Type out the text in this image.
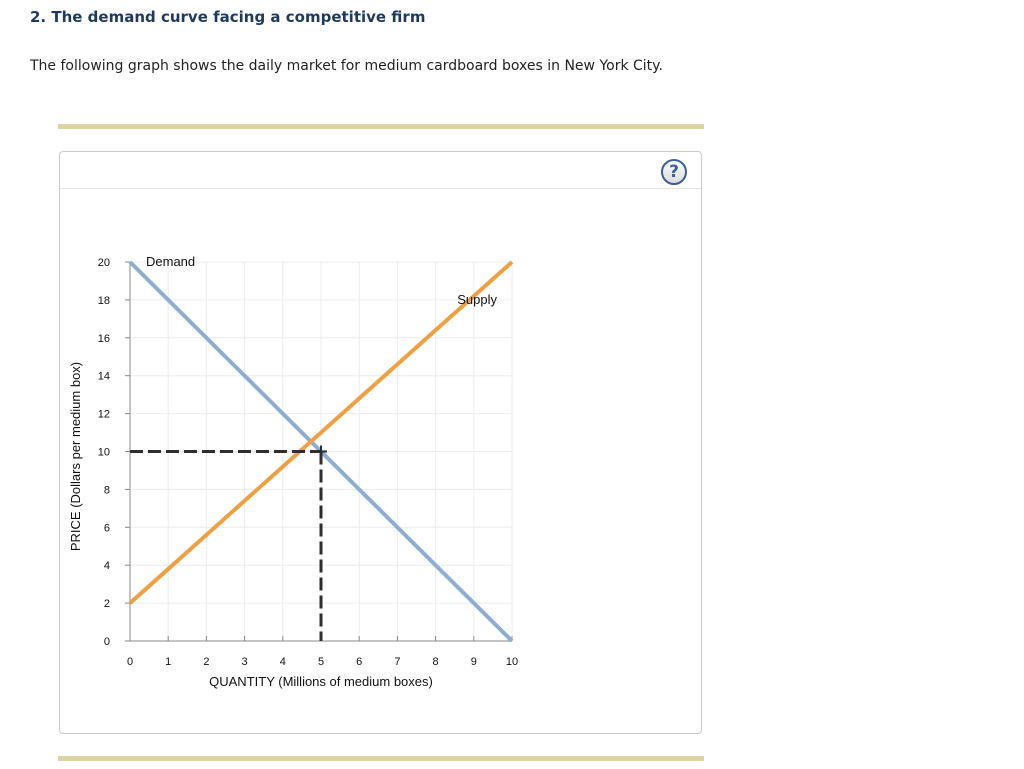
2. The demand curve facing a competitive firm

The following graph shows the daily market for medium cardboard boxes in New York City.

?
0	1	2	3	4	5	6	7	8	9	10
0
2
4
6
8
10
12
14
16
18
20	Demand
Supply
QUANTITY (Millions of medium boxes)
PRICE (Dollars per medium box)
